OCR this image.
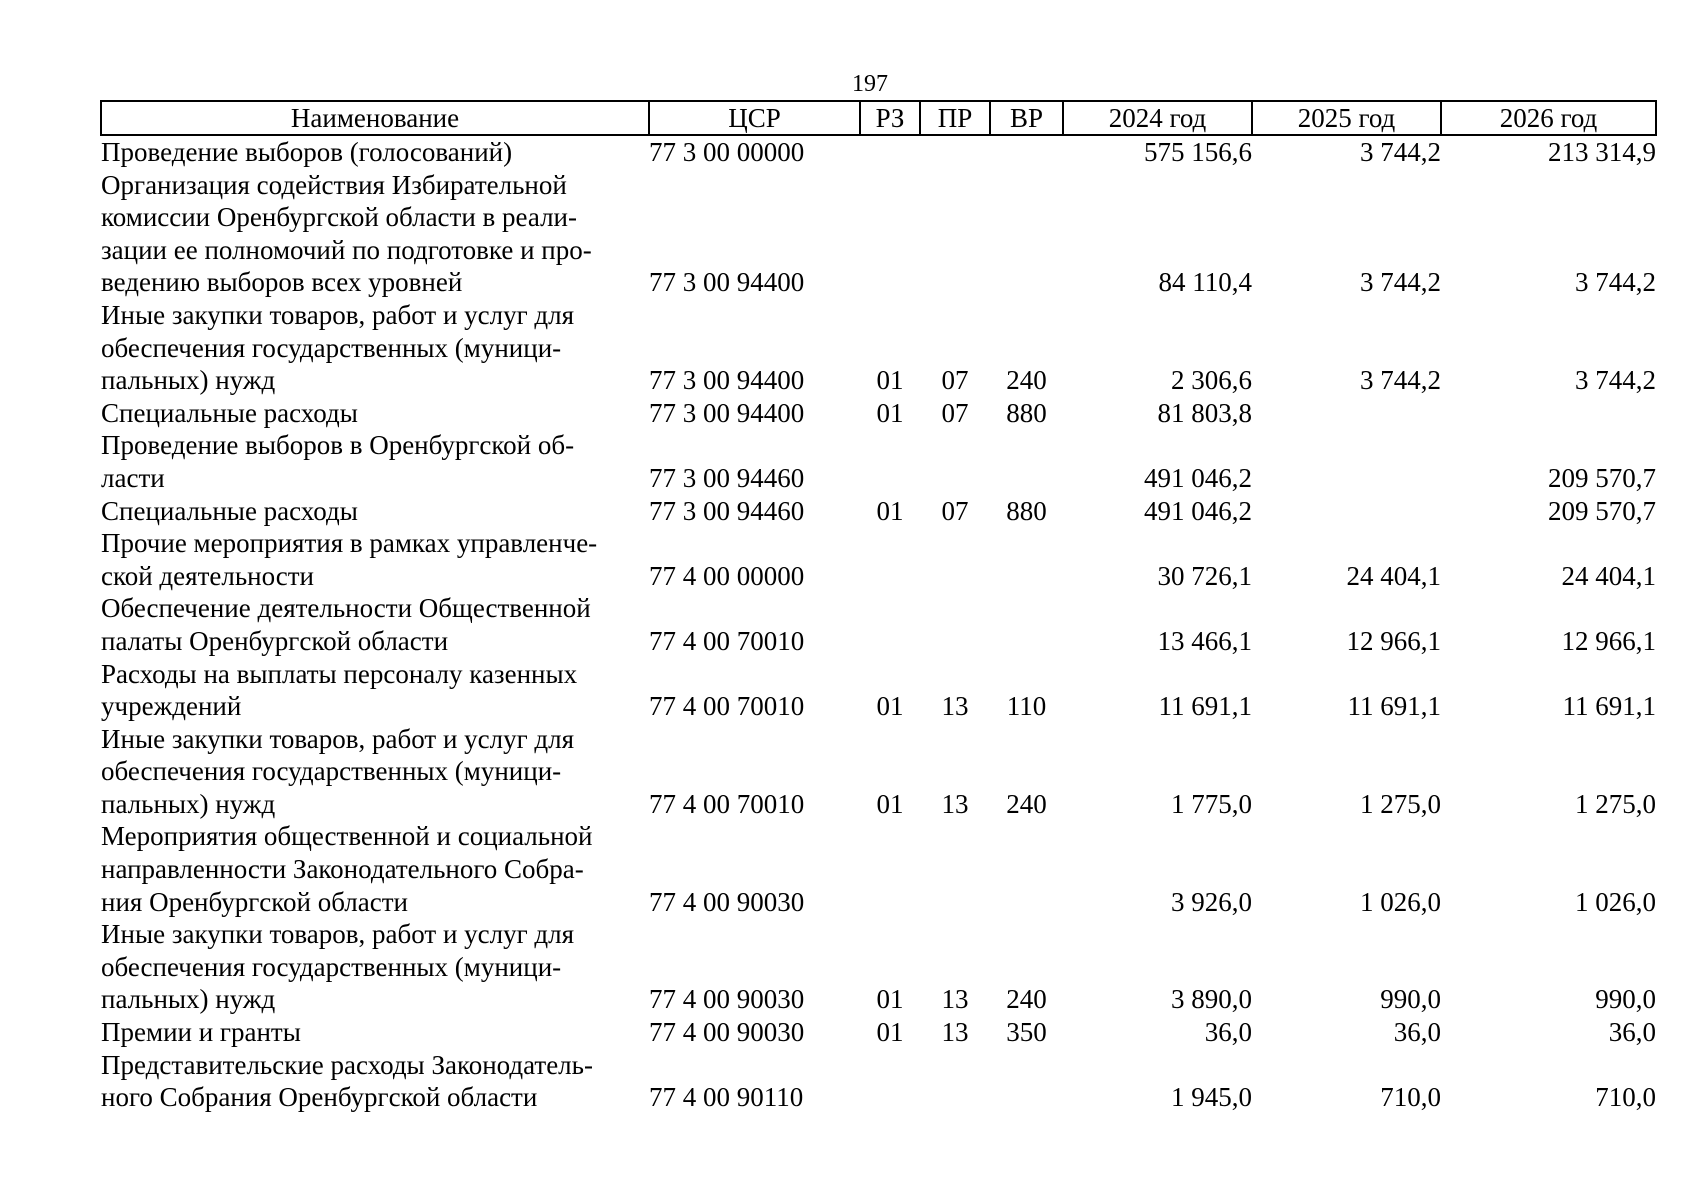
197
Наименование	ЦСР	РЗ	ПР	ВР	2024 год	2025 год	2026 год

Проведение выборов (голосований)	77 3 00 00000				575 156,6	3 744,2	213 314,9

Организация содействия Избирательной
комиссии Оренбургской области в реали-
зации ее полномочий по подготовке и про-
ведению выборов всех уровней	77 3 00 94400				84 110,4	3 744,2	3 744,2

Иные закупки товаров, работ и услуг для
обеспечения государственных (муници-
пальных) нужд	77 3 00 94400	01	07	240	2 306,6	3 744,2	3 744,2

Специальные расходы	77 3 00 94400	01	07	880	81 803,8		

Проведение выборов в Оренбургской об-
ласти	77 3 00 94460				491 046,2		209 570,7

Специальные расходы	77 3 00 94460	01	07	880	491 046,2		209 570,7

Прочие мероприятия в рамках управленче-
ской деятельности	77 4 00 00000				30 726,1	24 404,1	24 404,1

Обеспечение деятельности Общественной
палаты Оренбургской области	77 4 00 70010				13 466,1	12 966,1	12 966,1

Расходы на выплаты персоналу казенных
учреждений	77 4 00 70010	01	13	110	11 691,1	11 691,1	11 691,1

Иные закупки товаров, работ и услуг для
обеспечения государственных (муници-
пальных) нужд	77 4 00 70010	01	13	240	1 775,0	1 275,0	1 275,0

Мероприятия общественной и социальной
направленности Законодательного Собра-
ния Оренбургской области	77 4 00 90030				3 926,0	1 026,0	1 026,0

Иные закупки товаров, работ и услуг для
обеспечения государственных (муници-
пальных) нужд	77 4 00 90030	01	13	240	3 890,0	990,0	990,0

Премии и гранты	77 4 00 90030	01	13	350	36,0	36,0	36,0

Представительские расходы Законодатель-
ного Собрания Оренбургской области	77 4 00 90110				1 945,0	710,0	710,0
